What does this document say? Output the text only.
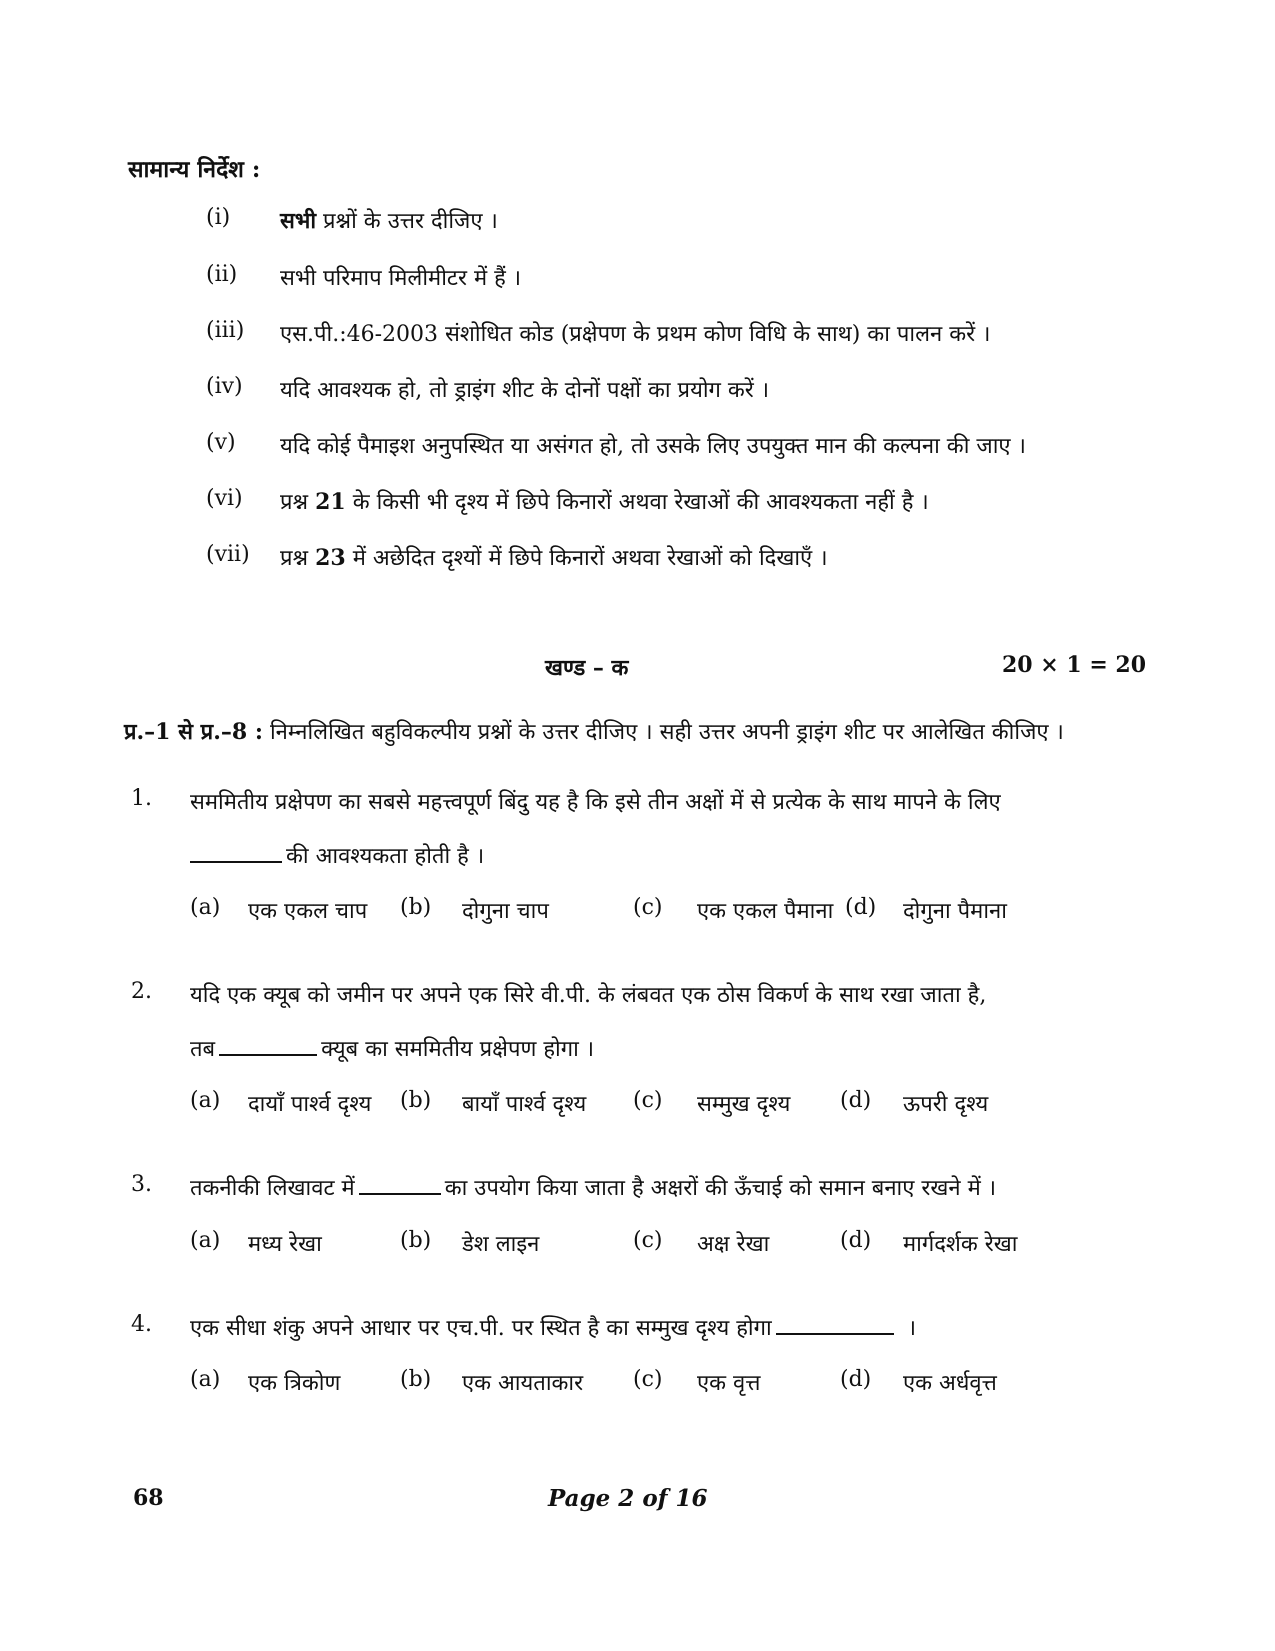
सामान्य निर्देश :
(i) सभी प्रश्नों के उत्तर दीजिए ।
(ii) सभी परिमाप मिलीमीटर में हैं ।
(iii) एस.पी.:46-2003 संशोधित कोड (प्रक्षेपण के प्रथम कोण विधि के साथ) का पालन करें ।
(iv) यदि आवश्यक हो, तो ड्राइंग शीट के दोनों पक्षों का प्रयोग करें ।
(v) यदि कोई पैमाइश अनुपस्थित या असंगत हो, तो उसके लिए उपयुक्त मान की कल्पना की जाए ।
(vi) प्रश्न 21 के किसी भी दृश्य में छिपे किनारों अथवा रेखाओं की आवश्यकता नहीं है ।
(vii) प्रश्न 23 में अछेदित दृश्यों में छिपे किनारों अथवा रेखाओं को दिखाएँ ।
खण्ड – क	20 × 1 = 20
प्र.–1 से प्र.–8 : निम्नलिखित बहुविकल्पीय प्रश्नों के उत्तर दीजिए । सही उत्तर अपनी ड्राइंग शीट पर आलेखित कीजिए ।
1. सममितीय प्रक्षेपण का सबसे महत्त्वपूर्ण बिंदु यह है कि इसे तीन अक्षों में से प्रत्येक के साथ मापने के लिए
की आवश्यकता होती है ।
(a) एक एकल चाप (b) दोगुना चाप	(c) एक एकल पैमाना (d) दोगुना पैमाना
2. यदि एक क्यूब को जमीन पर अपने एक सिरे वी.पी. के लंबवत एक ठोस विकर्ण के साथ रखा जाता है,
तब	क्यूब का सममितीय प्रक्षेपण होगा ।
(a) दायाँ पार्श्व दृश्य (b) बायाँ पार्श्व दृश्य (c) सम्मुख दृश्य (d) ऊपरी दृश्य
3. तकनीकी लिखावट में	का उपयोग किया जाता है अक्षरों की ऊँचाई को समान बनाए रखने में ।
(a) मध्य रेखा	(b) डेश लाइन	(c) अक्ष रेखा	(d) मार्गदर्शक रेखा
4. एक सीधा शंकु अपने आधार पर एच.पी. पर स्थित है का सम्मुख दृश्य होगा	।
(a) एक त्रिकोण	(b) एक आयताकार (c) एक वृत्त	(d) एक अर्धवृत्त
68	Page 2 of 16
